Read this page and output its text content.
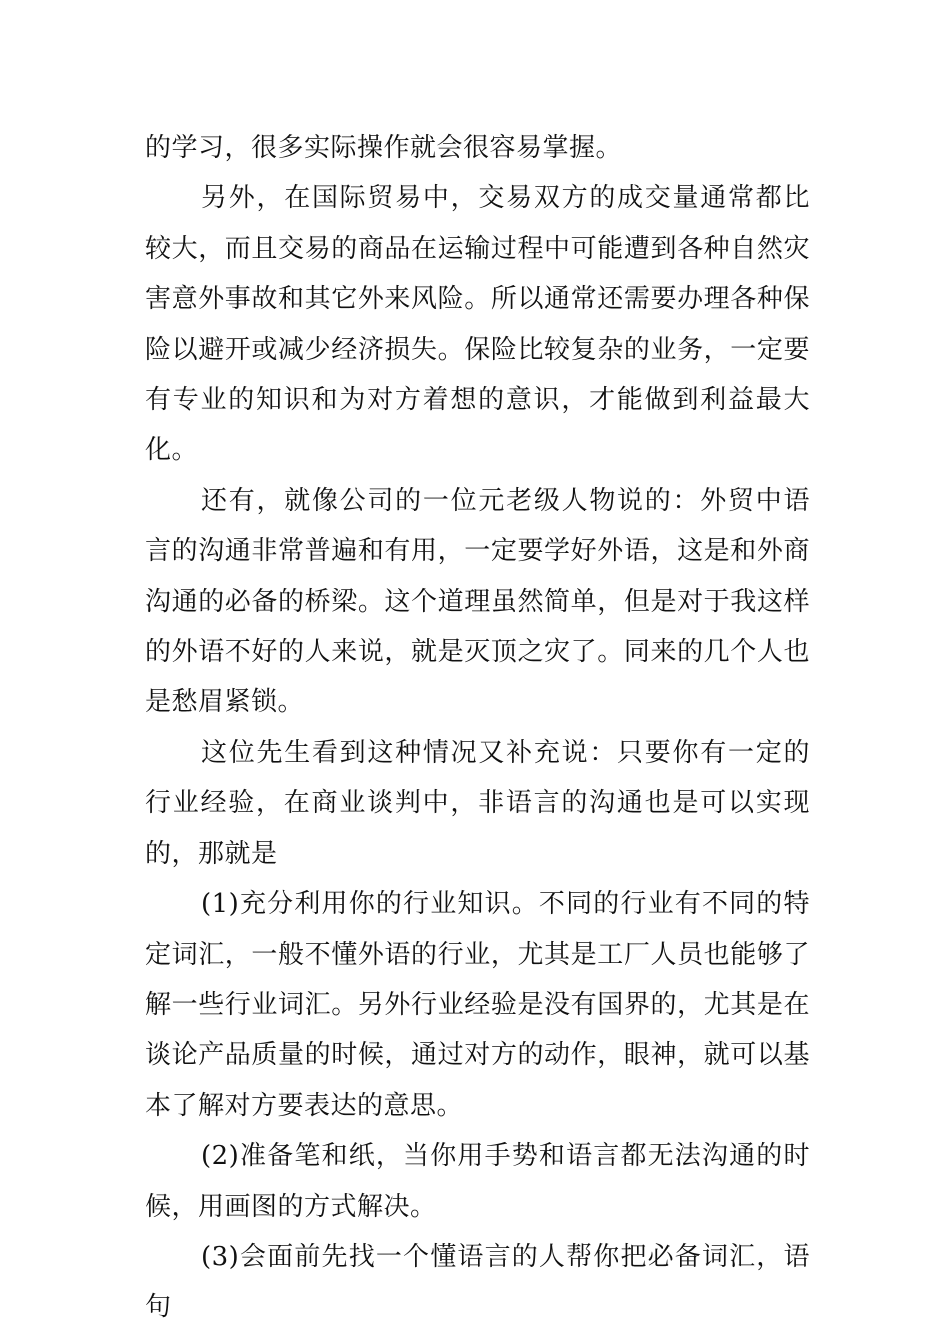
的学习，很多实际操作就会很容易掌握。

另外，在国际贸易中，交易双方的成交量通常都比较大，而且交易的商品在运输过程中可能遭到各种自然灾害意外事故和其它外来风险。所以通常还需要办理各种保险以避开或减少经济损失。保险比较复杂的业务，一定要有专业的知识和为对方着想的意识，才能做到利益最大化。

还有，就像公司的一位元老级人物说的：外贸中语言的沟通非常普遍和有用，一定要学好外语，这是和外商沟通的必备的桥梁。这个道理虽然简单，但是对于我这样的外语不好的人来说，就是灭顶之灾了。同来的几个人也是愁眉紧锁。

这位先生看到这种情况又补充说：只要你有一定的行业经验，在商业谈判中，非语言的沟通也是可以实现的，那就是

(1)充分利用你的行业知识。不同的行业有不同的特定词汇，一般不懂外语的行业，尤其是工厂人员也能够了解一些行业词汇。另外行业经验是没有国界的，尤其是在谈论产品质量的时候，通过对方的动作，眼神，就可以基本了解对方要表达的意思。

(2)准备笔和纸，当你用手势和语言都无法沟通的时候，用画图的方式解决。

(3)会面前先找一个懂语言的人帮你把必备词汇，语句
